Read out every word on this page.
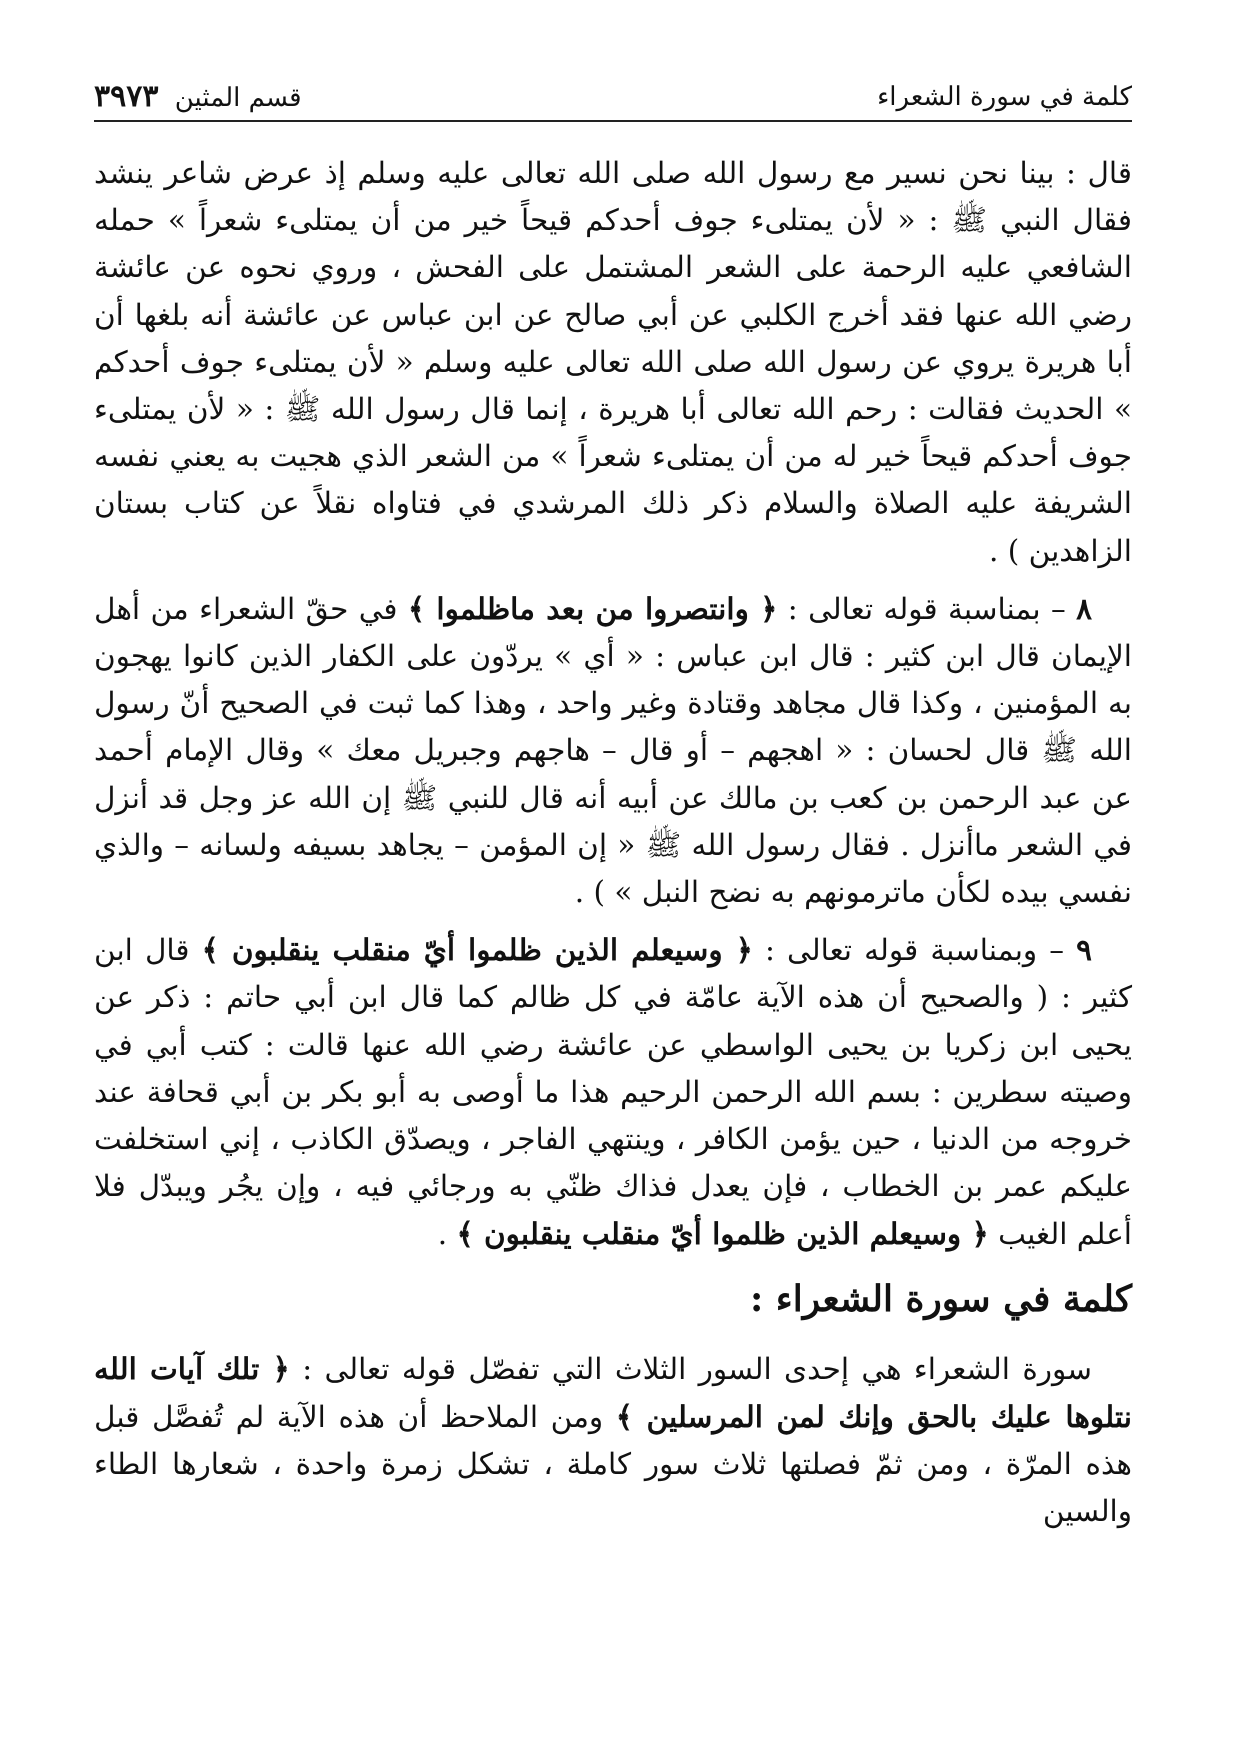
كلمة في سورة الشعراء
قسم المثين ٣٩٧٣

قال : بينا نحن نسير مع رسول الله صلى الله تعالى عليه وسلم إذ عرض شاعر ينشد فقال النبي ﷺ : « لأن يمتلىء جوف أحدكم قيحاً خير من أن يمتلىء شعراً » حمله الشافعي عليه الرحمة على الشعر المشتمل على الفحش ، وروي نحوه عن عائشة رضي الله عنها فقد أخرج الكلبي عن أبي صالح عن ابن عباس عن عائشة أنه بلغها أن أبا هريرة يروي عن رسول الله صلى الله تعالى عليه وسلم « لأن يمتلىء جوف أحدكم » الحديث فقالت : رحم الله تعالى أبا هريرة ، إنما قال رسول الله ﷺ : « لأن يمتلىء جوف أحدكم قيحاً خير له من أن يمتلىء شعراً » من الشعر الذي هجيت به يعني نفسه الشريفة عليه الصلاة والسلام ذكر ذلك المرشدي في فتاواه نقلاً عن كتاب بستان الزاهدين ) .

٨ – بمناسبة قوله تعالى : ﴿ وانتصروا من بعد ماظلموا ﴾ في حقّ الشعراء من أهل الإيمان قال ابن كثير : قال ابن عباس : « أي » يردّون على الكفار الذين كانوا يهجون به المؤمنين ، وكذا قال مجاهد وقتادة وغير واحد ، وهذا كما ثبت في الصحيح أنّ رسول الله ﷺ قال لحسان : « اهجهم – أو قال – هاجهم وجبريل معك » وقال الإمام أحمد عن عبد الرحمن بن كعب بن مالك عن أبيه أنه قال للنبي ﷺ إن الله عز وجل قد أنزل في الشعر ماأنزل . فقال رسول الله ﷺ « إن المؤمن – يجاهد بسيفه ولسانه – والذي نفسي بيده لكأن ماترمونهم به نضح النبل » ) .

٩ – وبمناسبة قوله تعالى : ﴿ وسيعلم الذين ظلموا أيّ منقلب ينقلبون ﴾ قال ابن كثير : ( والصحيح أن هذه الآية عامّة في كل ظالم كما قال ابن أبي حاتم : ذكر عن يحيى ابن زكريا بن يحيى الواسطي عن عائشة رضي الله عنها قالت : كتب أبي في وصيته سطرين : بسم الله الرحمن الرحيم هذا ما أوصى به أبو بكر بن أبي قحافة عند خروجه من الدنيا ، حين يؤمن الكافر ، وينتهي الفاجر ، ويصدّق الكاذب ، إني استخلفت عليكم عمر بن الخطاب ، فإن يعدل فذاك ظنّي به ورجائي فيه ، وإن يجُر ويبدّل فلا أعلم الغيب ﴿ وسيعلم الذين ظلموا أيّ منقلب ينقلبون ﴾ .

كلمة في سورة الشعراء :

سورة الشعراء هي إحدى السور الثلاث التي تفصّل قوله تعالى : ﴿ تلك آيات الله نتلوها عليك بالحق وإنك لمن المرسلين ﴾ ومن الملاحظ أن هذه الآية لم تُفصَّل قبل هذه المرّة ، ومن ثمّ فصلتها ثلاث سور كاملة ، تشكل زمرة واحدة ، شعارها الطاء والسين
